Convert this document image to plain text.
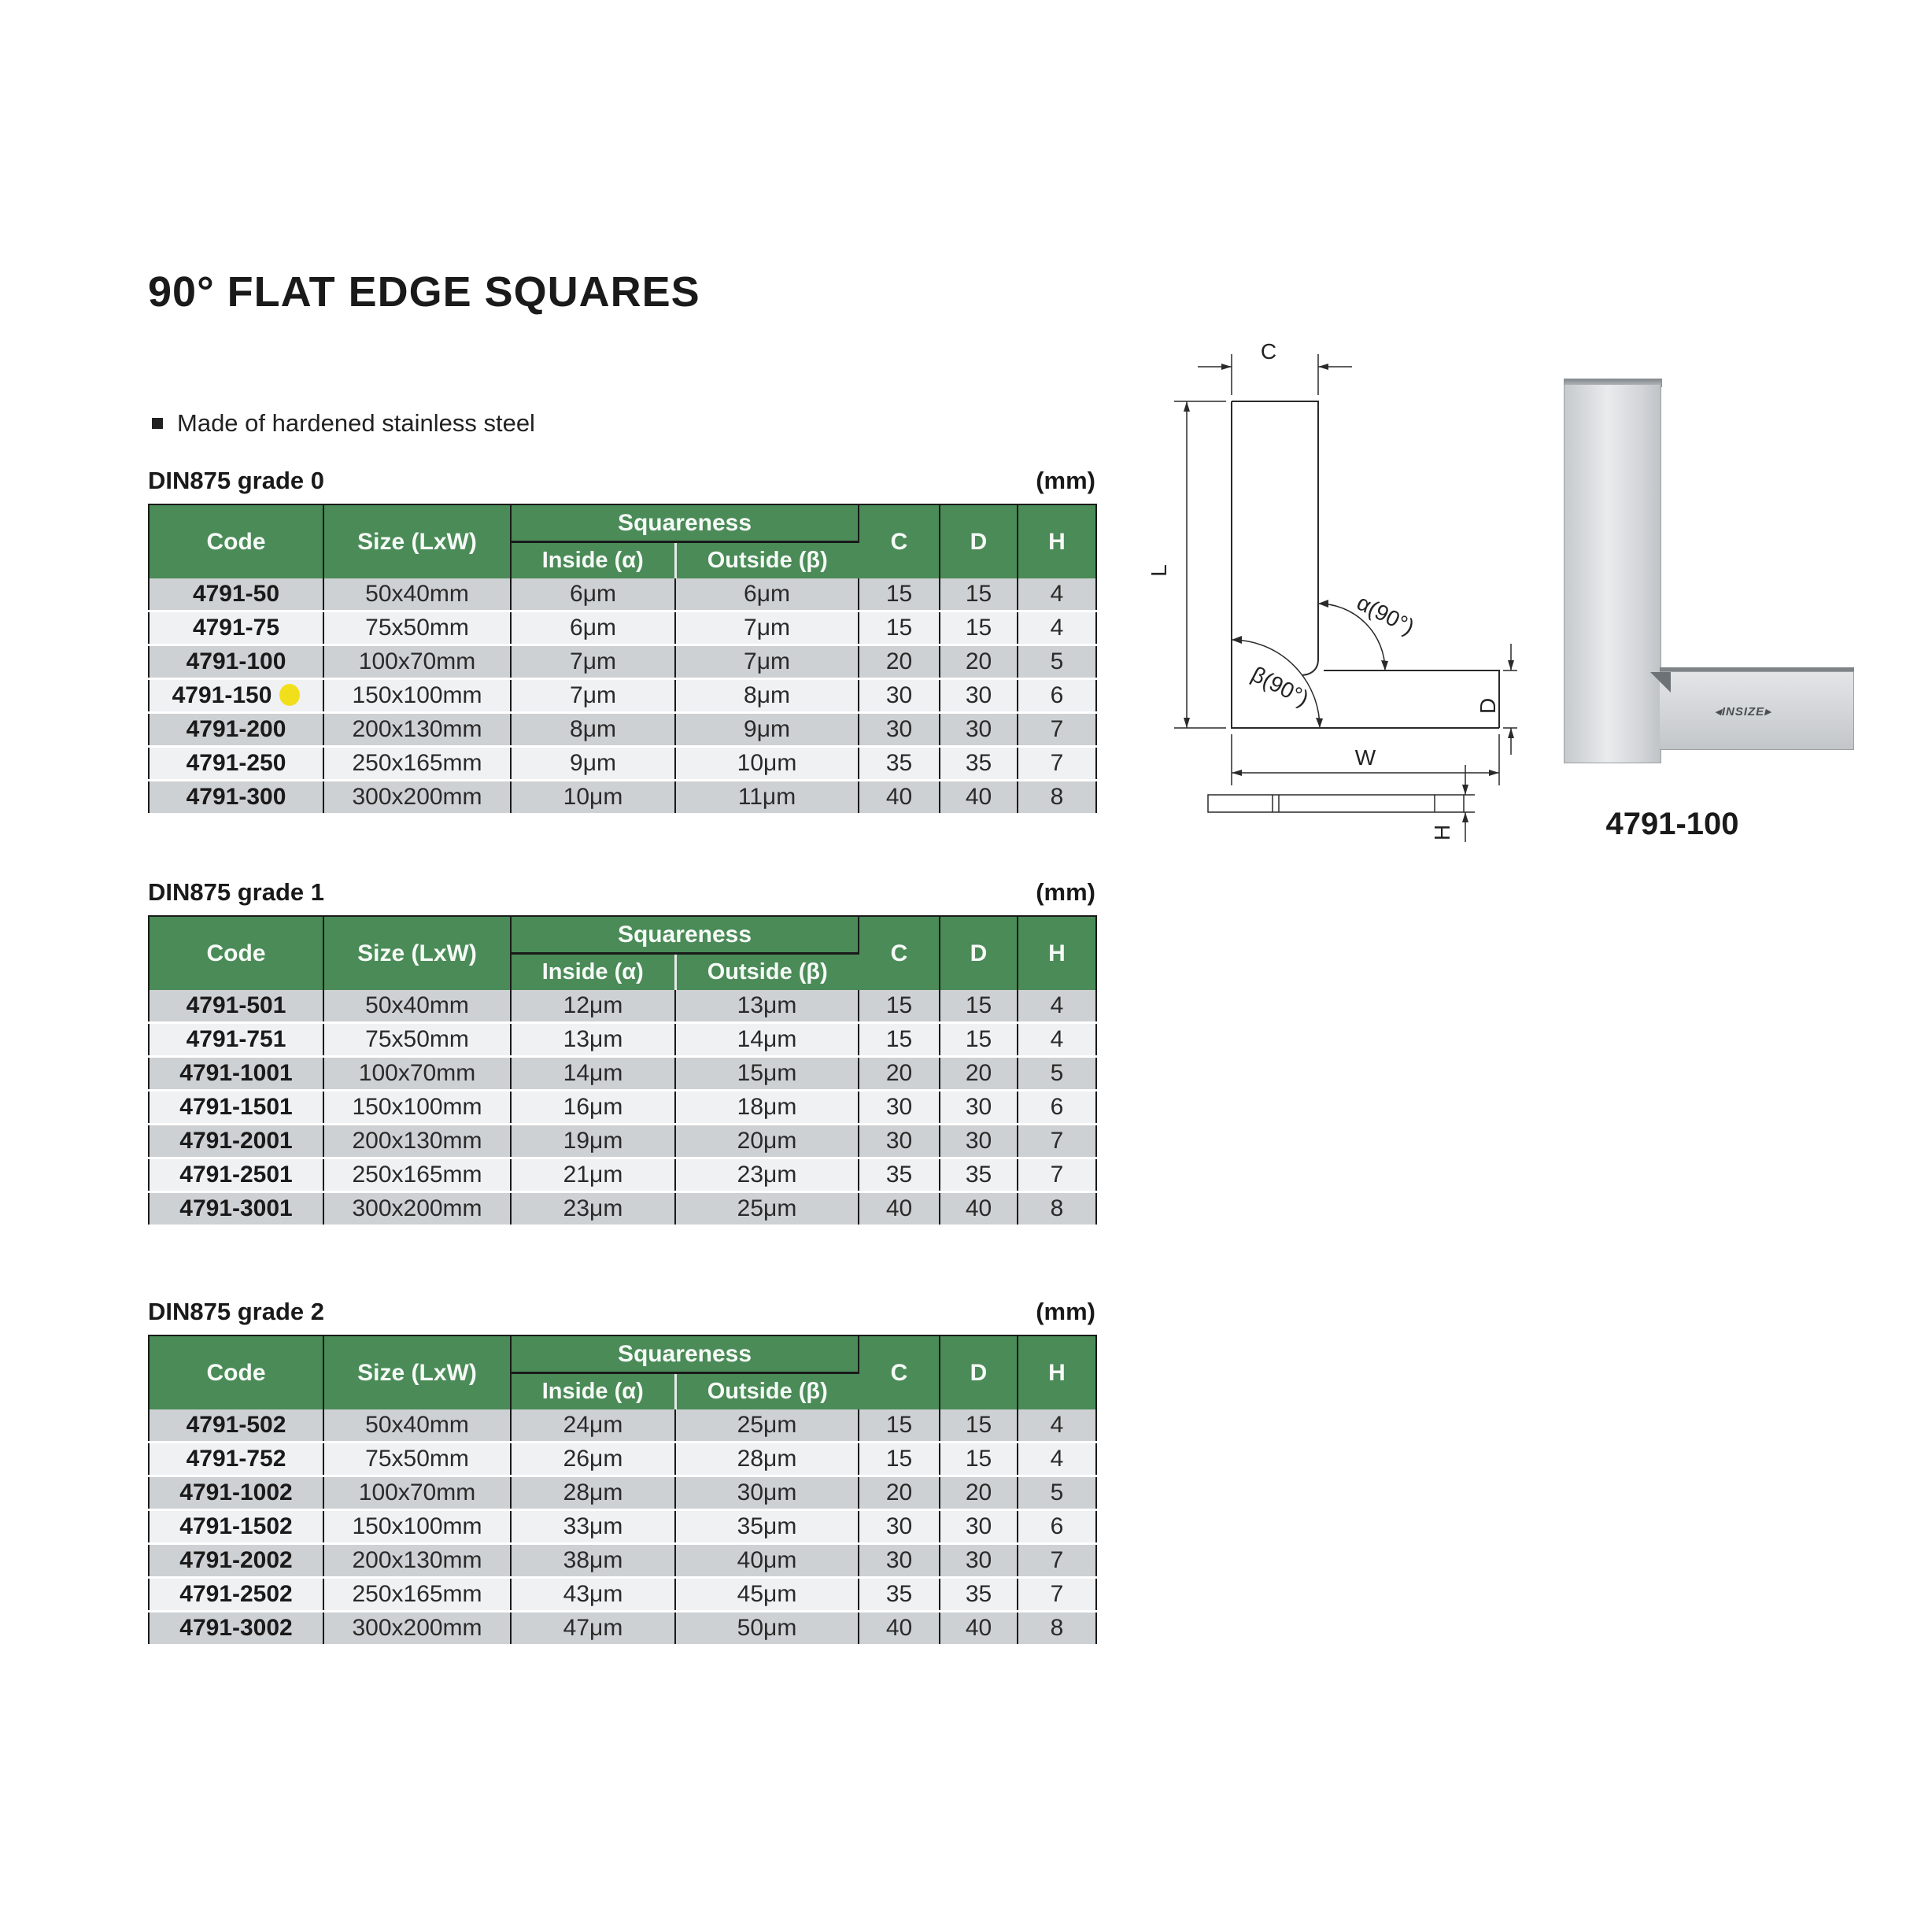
90° FLAT EDGE SQUARES
Made of hardened stainless steel
DIN875 grade 0	(mm)
DIN875 grade 1	(mm)
DIN875 grade 2	(mm)
Code	Size (LxW)	Squareness		C	D	H
		Inside (α)	Outside (β)			
4791-50	50x40mm	6μm	6μm	15	15	4
4791-75	75x50mm	6μm	7μm	15	15	4
4791-100	100x70mm	7μm	7μm	20	20	5
4791-150	150x100mm	7μm	8μm	30	30	6
4791-200	200x130mm	8μm	9μm	30	30	7
4791-250	250x165mm	9μm	10μm	35	35	7
4791-300	300x200mm	10μm	11μm	40	40	8
Code	Size (LxW)	Squareness		C	D	H
		Inside (α)	Outside (β)			
4791-501	50x40mm	12μm	13μm	15	15	4
4791-751	75x50mm	13μm	14μm	15	15	4
4791-1001	100x70mm	14μm	15μm	20	20	5
4791-1501	150x100mm	16μm	18μm	30	30	6
4791-2001	200x130mm	19μm	20μm	30	30	7
4791-2501	250x165mm	21μm	23μm	35	35	7
4791-3001	300x200mm	23μm	25μm	40	40	8
Code	Size (LxW)	Squareness		C	D	H
		Inside (α)	Outside (β)			
4791-502	50x40mm	24μm	25μm	15	15	4
4791-752	75x50mm	26μm	28μm	15	15	4
4791-1002	100x70mm	28μm	30μm	20	20	5
4791-1502	150x100mm	33μm	35μm	30	30	6
4791-2002	200x130mm	38μm	40μm	30	30	7
4791-2502	250x165mm	43μm	45μm	35	35	7
4791-3002	300x200mm	47μm	50μm	40	40	8
C
L
α(90°)
β(90°)	D
W
H
◂INSIZE▸
4791-100
